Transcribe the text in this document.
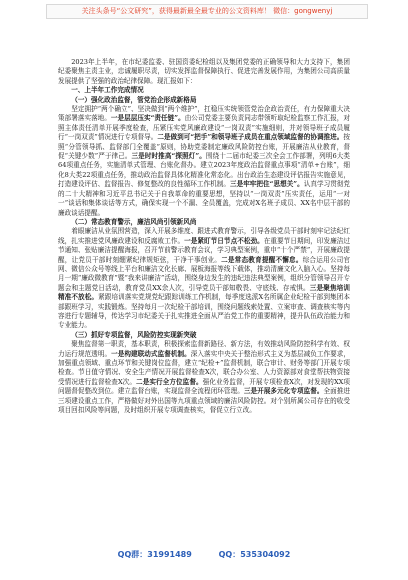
关注头条号“公文研究”，获得最新最全最专业的公文资料库！ 微信：gongwenyj

2023年上半年，在市纪委监委、驻国资委纪检组以及集团党委的正确领导和大力支持下，集团纪委聚焦主责主业，忠诚履职尽责，切实发挥监督保障执行、促进完善发展作用，为集团公司高质量发展提供了坚强的政治纪律保障。现汇报如下：

一、上半年工作完成情况

（一）强化政治监督，管党治企形成新格局

坚定拥护“两个确立”、坚决做到“两个维护”，扛稳压实统领管党治企政治责任，有力保障重大决策部署落实落地。一是层层压实“责任链”。由公司党委主要负责同志带领听取纪检监察工作汇报，对照主体责任清单开展季度检查，压紧压实党风廉政建设“一岗双责”实施细则，并对领导班子成员履行“一岗双责”情况进行专项督导。二是做到可“把手”和领导班子成员在重点领域监督的协调推进。按照“分管领导抓、监督部门全覆盖”原则，协助党委制定廉政风险防控台账，开展廉洁从业教育，督促“关键少数”严于律己。三是时时推高“探照灯”。围绕十二届市纪委三次全会工作部署，列明6大类64项重点任务，实施清单式管理、台账化督办。建立2023年度政治监督重点事项“清单+台账”，细化8大类22项重点任务，推动政治监督具体化精准化常态化。出台政治生态建设评估报告实施意见，打造建设评估、监督报告、修复整改的良性循环工作机制。三是牢牢把住“思想关”。认真学习贯彻党的二十大精神和习近平总书记关于自我革命的重要思想，坚持以“一岗双责”压实责任，运用“一对一”谈话和集体谈话等方式，确保实现一个不漏、全员覆盖，完成对X名班子成员、XX名中层干部的廉政谈话提醒。

（二）常态教育警示，廉洁风尚引领新风尚

着眼廉洁从业氛围营造，深入开展多维度、跟进式教育警示，引导各级党员干部时刻牢记法纪红线，扎实推进党风廉政建设和反腐败工作。一是紧盯节日节点不松劲。在重要节日期间，印发廉洁过节通知、张贴廉洁提醒海报，召开节前警示教育会议，学习典型案例，重申“十个严禁”，开展廉政提醒，让党员干部时刻绷紧纪律规矩弦，干净干事创业。二是常态教育提醒不懈怠。综合运用公司官网、微信公众号等线上平台和廉洁文化长廊、展板海报等线下载体，推动清廉文化入脑入心。坚持每月一期“廉政微教育”暨“我来讲廉洁”活动，围绕身边发生的违纪违法典型案例，组织分管领导召开专题会和主题党日活动，教育党员XX余人次，引导党员干部知敬畏、守底线、存戒惧。三是聚焦培训精准不放松。紧跟培训落实党规党纪跟踪训练工作机制，每季度选派X名所属企业纪检干部到集团本部跟班学习，实践锻炼。坚持每月一次纪检干部培训，围绕问题线索处置、立案审查、调查核实等内容进行专题辅导，传达学习市纪委关于扎实推进全面从严治党工作的重要精神，提升队伍政治能力和专业能力。

（三）抓好专项监督，风险防控实现新突破

聚焦监督第一职责，基本职责，积极探索监督新路径、新方法，有效推动风险防控科学有效、权力运行规范透明。一是构建联动式监督机制。深入落实中央关于整治形式主义为基层减负工作要求，加强重点领域、重点环节和关键岗位监督，建立“纪检+”监督机制，联合审计、财务等部门开展专项检查。节日值守情况、安全生产情况开展监督检查X次，联合办公室、人力资源部对食堂帮扶物资接受情况进行监督检查X次。二是实行全方位监督。强化业务监督，开展专项检查X次，对发现的XX项问题督促整改到位。建立监督台账，实现监督全流程闭环管理。三是开展多元化专项监督。全面推进三项建设重点工作，严格做好对外出国等九项重点领域的廉洁风险防控。对个别所属公司存在的收受项目回扣风险等问题，及时组织开展专项调查核实，督促立行立改。

QQ群：31991489	QQ：535304092
